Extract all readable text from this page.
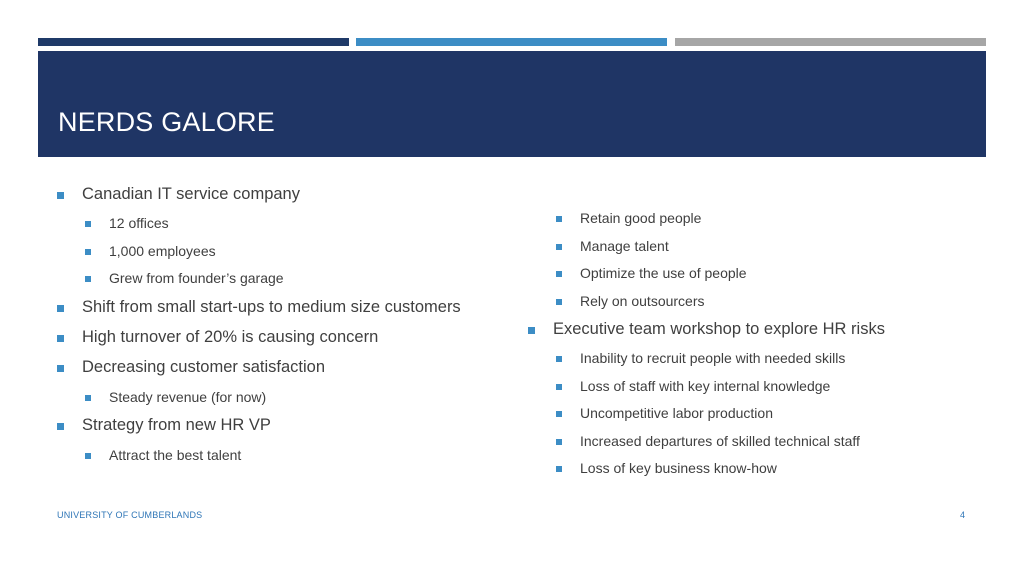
NERDS GALORE
Canadian IT service company
12 offices
1,000 employees
Grew from founder’s garage
Shift from small start-ups to medium size customers
High turnover of 20% is causing concern
Decreasing customer satisfaction
Steady revenue (for now)
Strategy from new HR VP
Attract the best talent
Retain good people
Manage talent
Optimize the use of people
Rely on outsourcers
Executive team workshop to explore HR risks
Inability to recruit people with needed skills
Loss of staff with key internal knowledge
Uncompetitive labor production
Increased departures of skilled technical staff
Loss of key business know-how
UNIVERSITY OF CUMBERLANDS	4
